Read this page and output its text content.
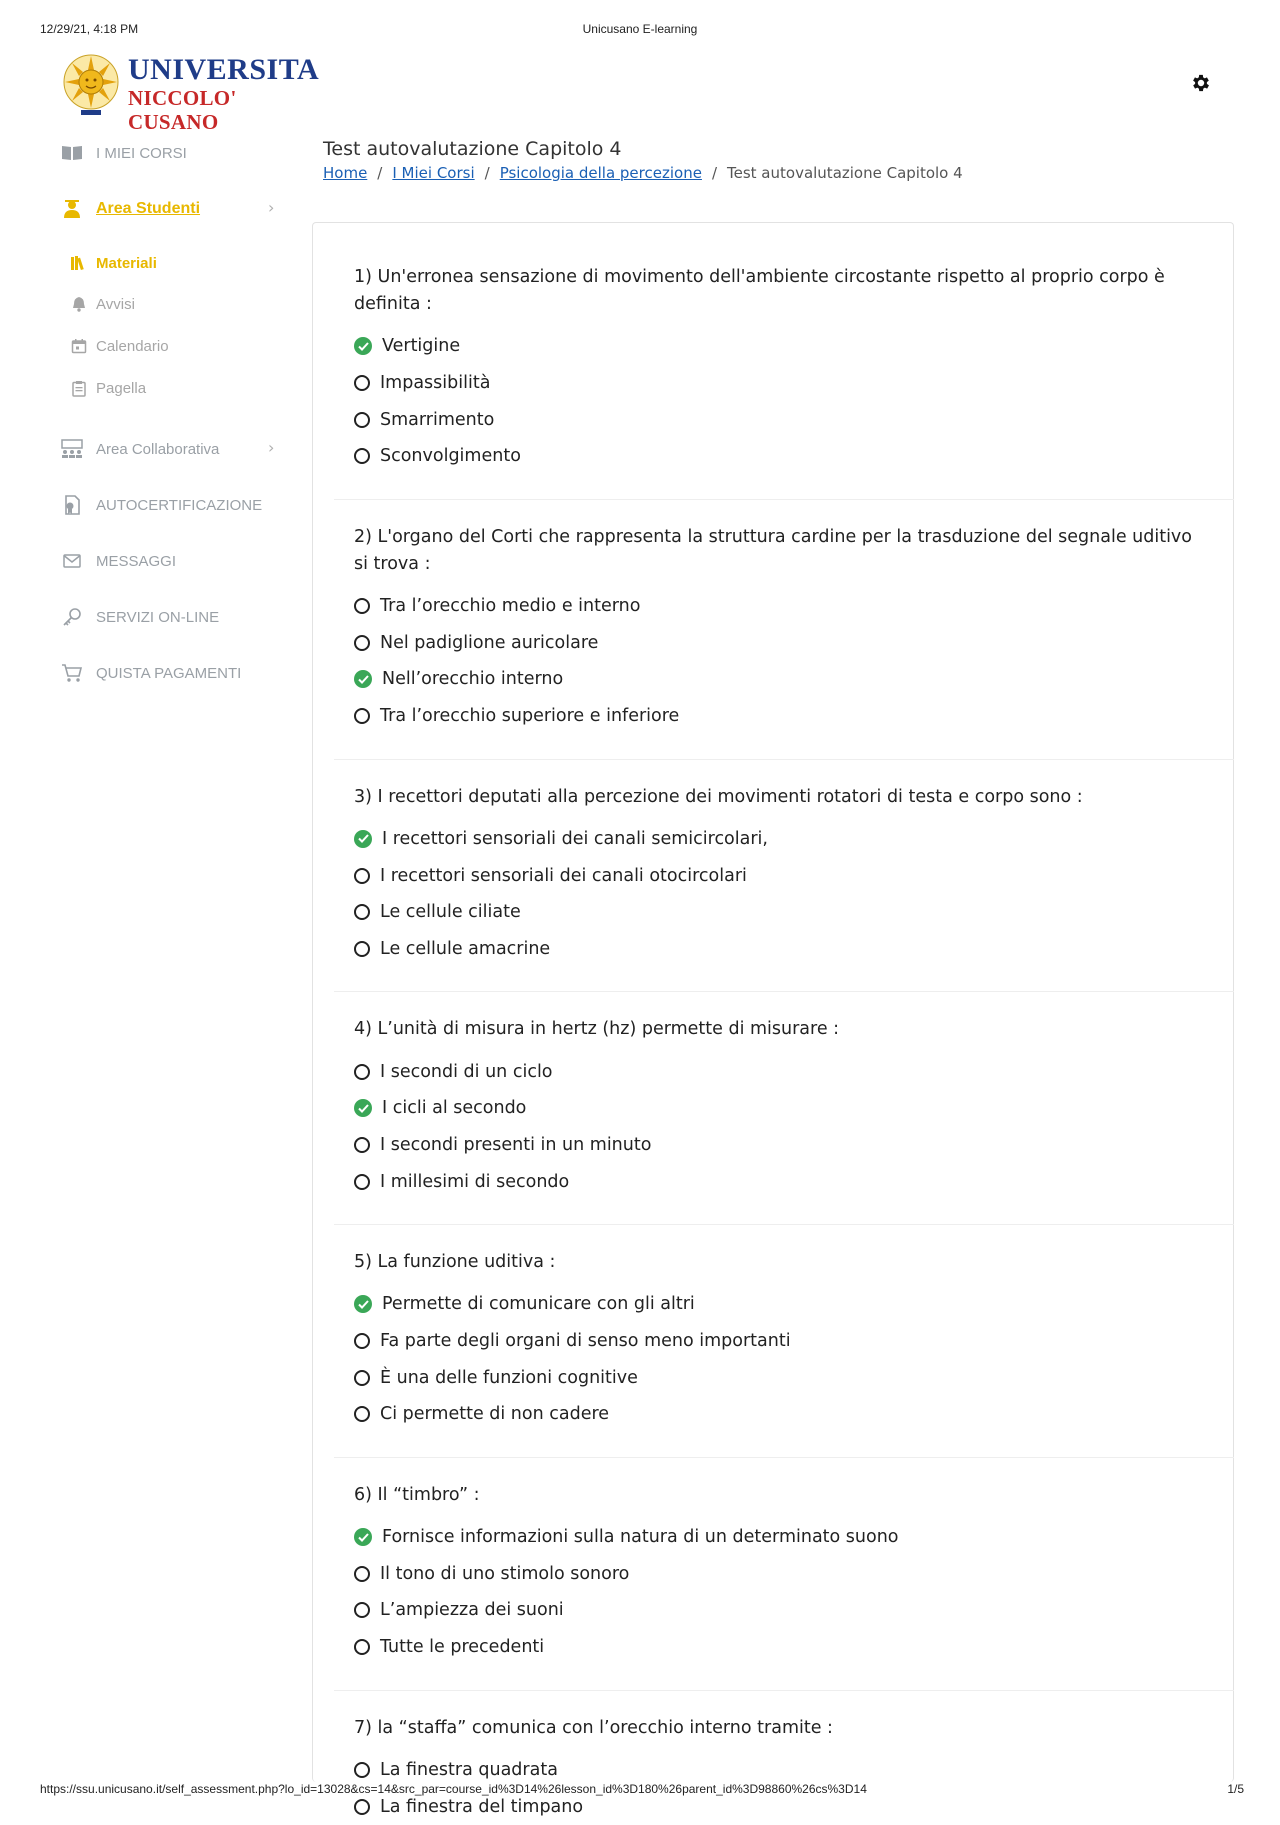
12/29/21, 4:18 PM	Unicusano E-learning
UNIVERSITA
NICCOLO' CUSANO
I MIEI CORSI
Area Studenti	›
Materiali
Avvisi
Calendario
Pagella
Area Collaborativa	›
AUTOCERTIFICAZIONE
MESSAGGI
SERVIZI ON-LINE
QUISTA PAGAMENTI
Test autovalutazione Capitolo 4
Home / I Miei Corsi / Psicologia della percezione / Test autovalutazione Capitolo 4
1) Un'erronea sensazione di movimento dell'ambiente circostante rispetto al proprio corpo è definita :
Vertigine
Impassibilità
Smarrimento
Sconvolgimento
2) L'organo del Corti che rappresenta la struttura cardine per la trasduzione del segnale uditivo si trova :
Tra l’orecchio medio e interno
Nel padiglione auricolare
Nell’orecchio interno
Tra l’orecchio superiore e inferiore
3) I recettori deputati alla percezione dei movimenti rotatori di testa e corpo sono :
I recettori sensoriali dei canali semicircolari,
I recettori sensoriali dei canali otocircolari
Le cellule ciliate
Le cellule amacrine
4) L’unità di misura in hertz (hz) permette di misurare :
I secondi di un ciclo
I cicli al secondo
I secondi presenti in un minuto
I millesimi di secondo
5) La funzione uditiva :
Permette di comunicare con gli altri
Fa parte degli organi di senso meno importanti
È una delle funzioni cognitive
Ci permette di non cadere
6) Il “timbro” :
Fornisce informazioni sulla natura di un determinato suono
Il tono di uno stimolo sonoro
L’ampiezza dei suoni
Tutte le precedenti
7) la “staffa” comunica con l’orecchio interno tramite :
La finestra quadrata
La finestra del timpano
https://ssu.unicusano.it/self_assessment.php?lo_id=13028&cs=14&src_par=course_id%3D14%26lesson_id%3D180%26parent_id%3D98860%26cs%3D14	1/5
